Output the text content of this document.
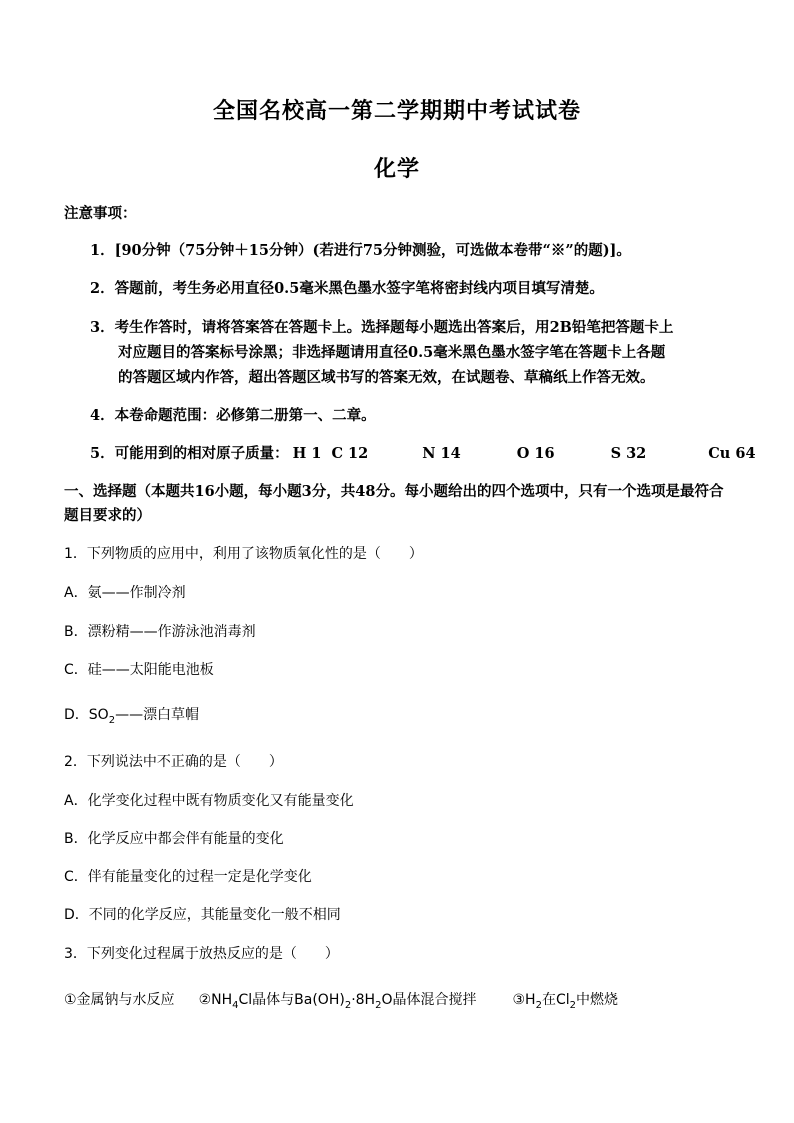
全国名校高一第二学期期中考试试卷
化学
注意事项：
1．[90分钟（75分钟＋15分钟）(若进行75分钟测验，可选做本卷带“※”的题)]。
2．答题前，考生务必用直径0.5毫米黑色墨水签字笔将密封线内项目填写清楚。
3．考生作答时，请将答案答在答题卡上。选择题每小题选出答案后，用2B铅笔把答题卡上
对应题目的答案标号涂黑；非选择题请用直径0.5毫米黑色墨水签字笔在答题卡上各题
的答题区域内作答，超出答题区域书写的答案无效，在试题卷、草稿纸上作答无效。
4．本卷命题范围：必修第二册第一、二章。
5．可能用到的相对原子质量： H 1 C 12	N 14	O 16	S 32	Cu 64
一、选择题（本题共16小题，每小题3分，共48分。每小题给出的四个选项中，只有一个选项是最符合题目要求的）
1．下列物质的应用中，利用了该物质氧化性的是（　　）
A．氨——作制冷剂
B．漂粉精——作游泳池消毒剂
C．硅——太阳能电池板
D．$SO_2——$漂白草帽
2．下列说法中不正确的是（　　）
A．化学变化过程中既有物质变化又有能量变化
B．化学反应中都会伴有能量的变化
C．伴有能量变化的过程一定是化学变化
D．不同的化学反应，其能量变化一般不相同
3．下列变化过程属于放热反应的是（　　）
①金属钠与水反应 $②NH_4Cl$晶体与$Ba(OH)_2\cdot 8H_2O$晶体混合搅拌	$③H_2$在$Cl_2$中燃烧
